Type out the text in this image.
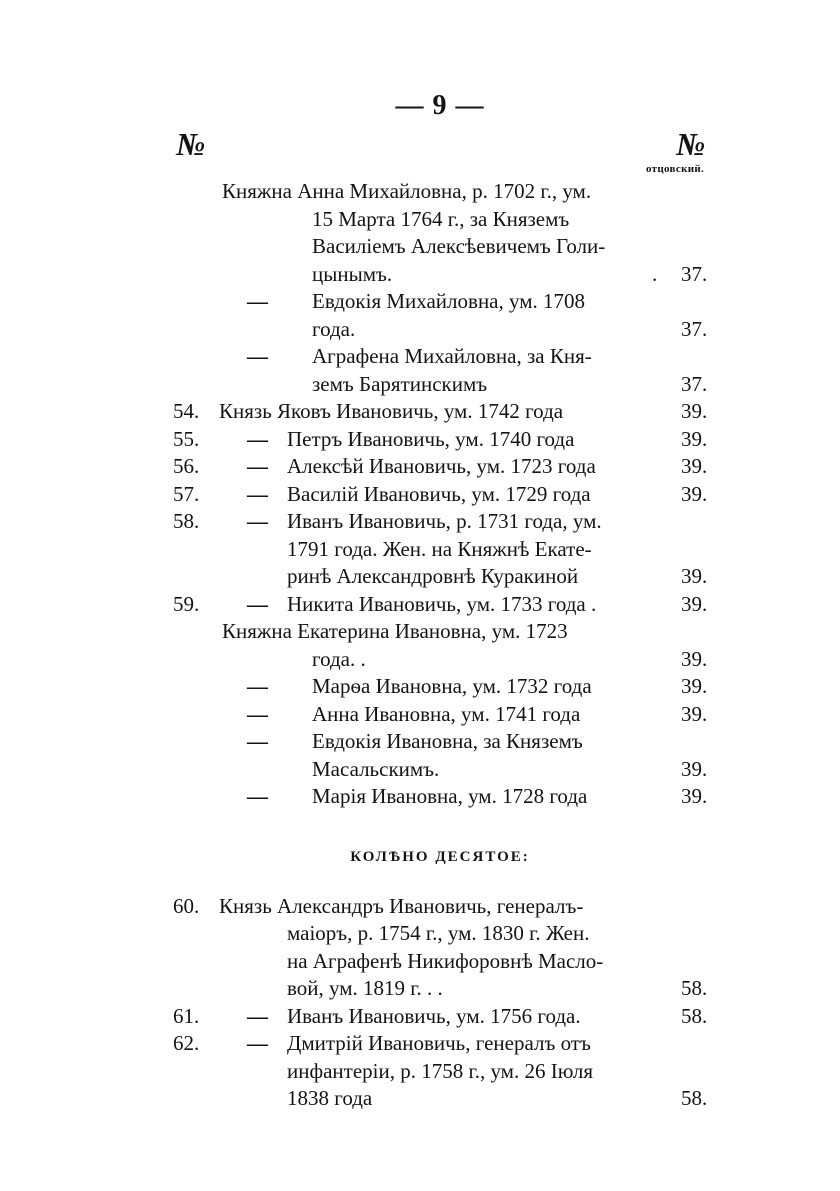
— 9 —
№	№
отцовский.
Княжна Анна Михайловна, р. 1702 г., ум.
15 Марта 1764 г., за Княземъ
Василіемъ Алексѣевичемъ Голи-
цынымъ.	. 37.
— Евдокія Михайловна, ум. 1708
года.	37.
— Аграфена Михайловна, за Кня-
земъ Барятинскимъ	37.
54. Князь Яковъ Ивановичь, ум. 1742 года	39.
55. — Петръ Ивановичь, ум. 1740 года	39.
56. — Алексѣй Ивановичь, ум. 1723 года	39.
57. — Василій Ивановичь, ум. 1729 года	39.
58. — Иванъ Ивановичь, р. 1731 года, ум.
1791 года. Жен. на Княжнѣ Екате-
ринѣ Александровнѣ Куракиной	39.
59. — Никита Ивановичь, ум. 1733 года .	39.
Княжна Екатерина Ивановна, ум. 1723
года. .	39.
— Марѳа Ивановна, ум. 1732 года	39.
— Анна Ивановна, ум. 1741 года	39.
— Евдокія Ивановна, за Княземъ
Масальскимъ.	39.
— Марія Ивановна, ум. 1728 года	39.
КОЛѢНО ДЕСЯТОЕ:
60. Князь Александръ Ивановичь, генералъ-
маіоръ, р. 1754 г., ум. 1830 г. Жен.
на Аграфенѣ Никифоровнѣ Масло-
вой, ум. 1819 г. . .	58.
61. — Иванъ Ивановичь, ум. 1756 года.	58.
62. — Дмитрій Ивановичь, генералъ отъ
инфантеріи, р. 1758 г., ум. 26 Іюля
1838 года	58.
